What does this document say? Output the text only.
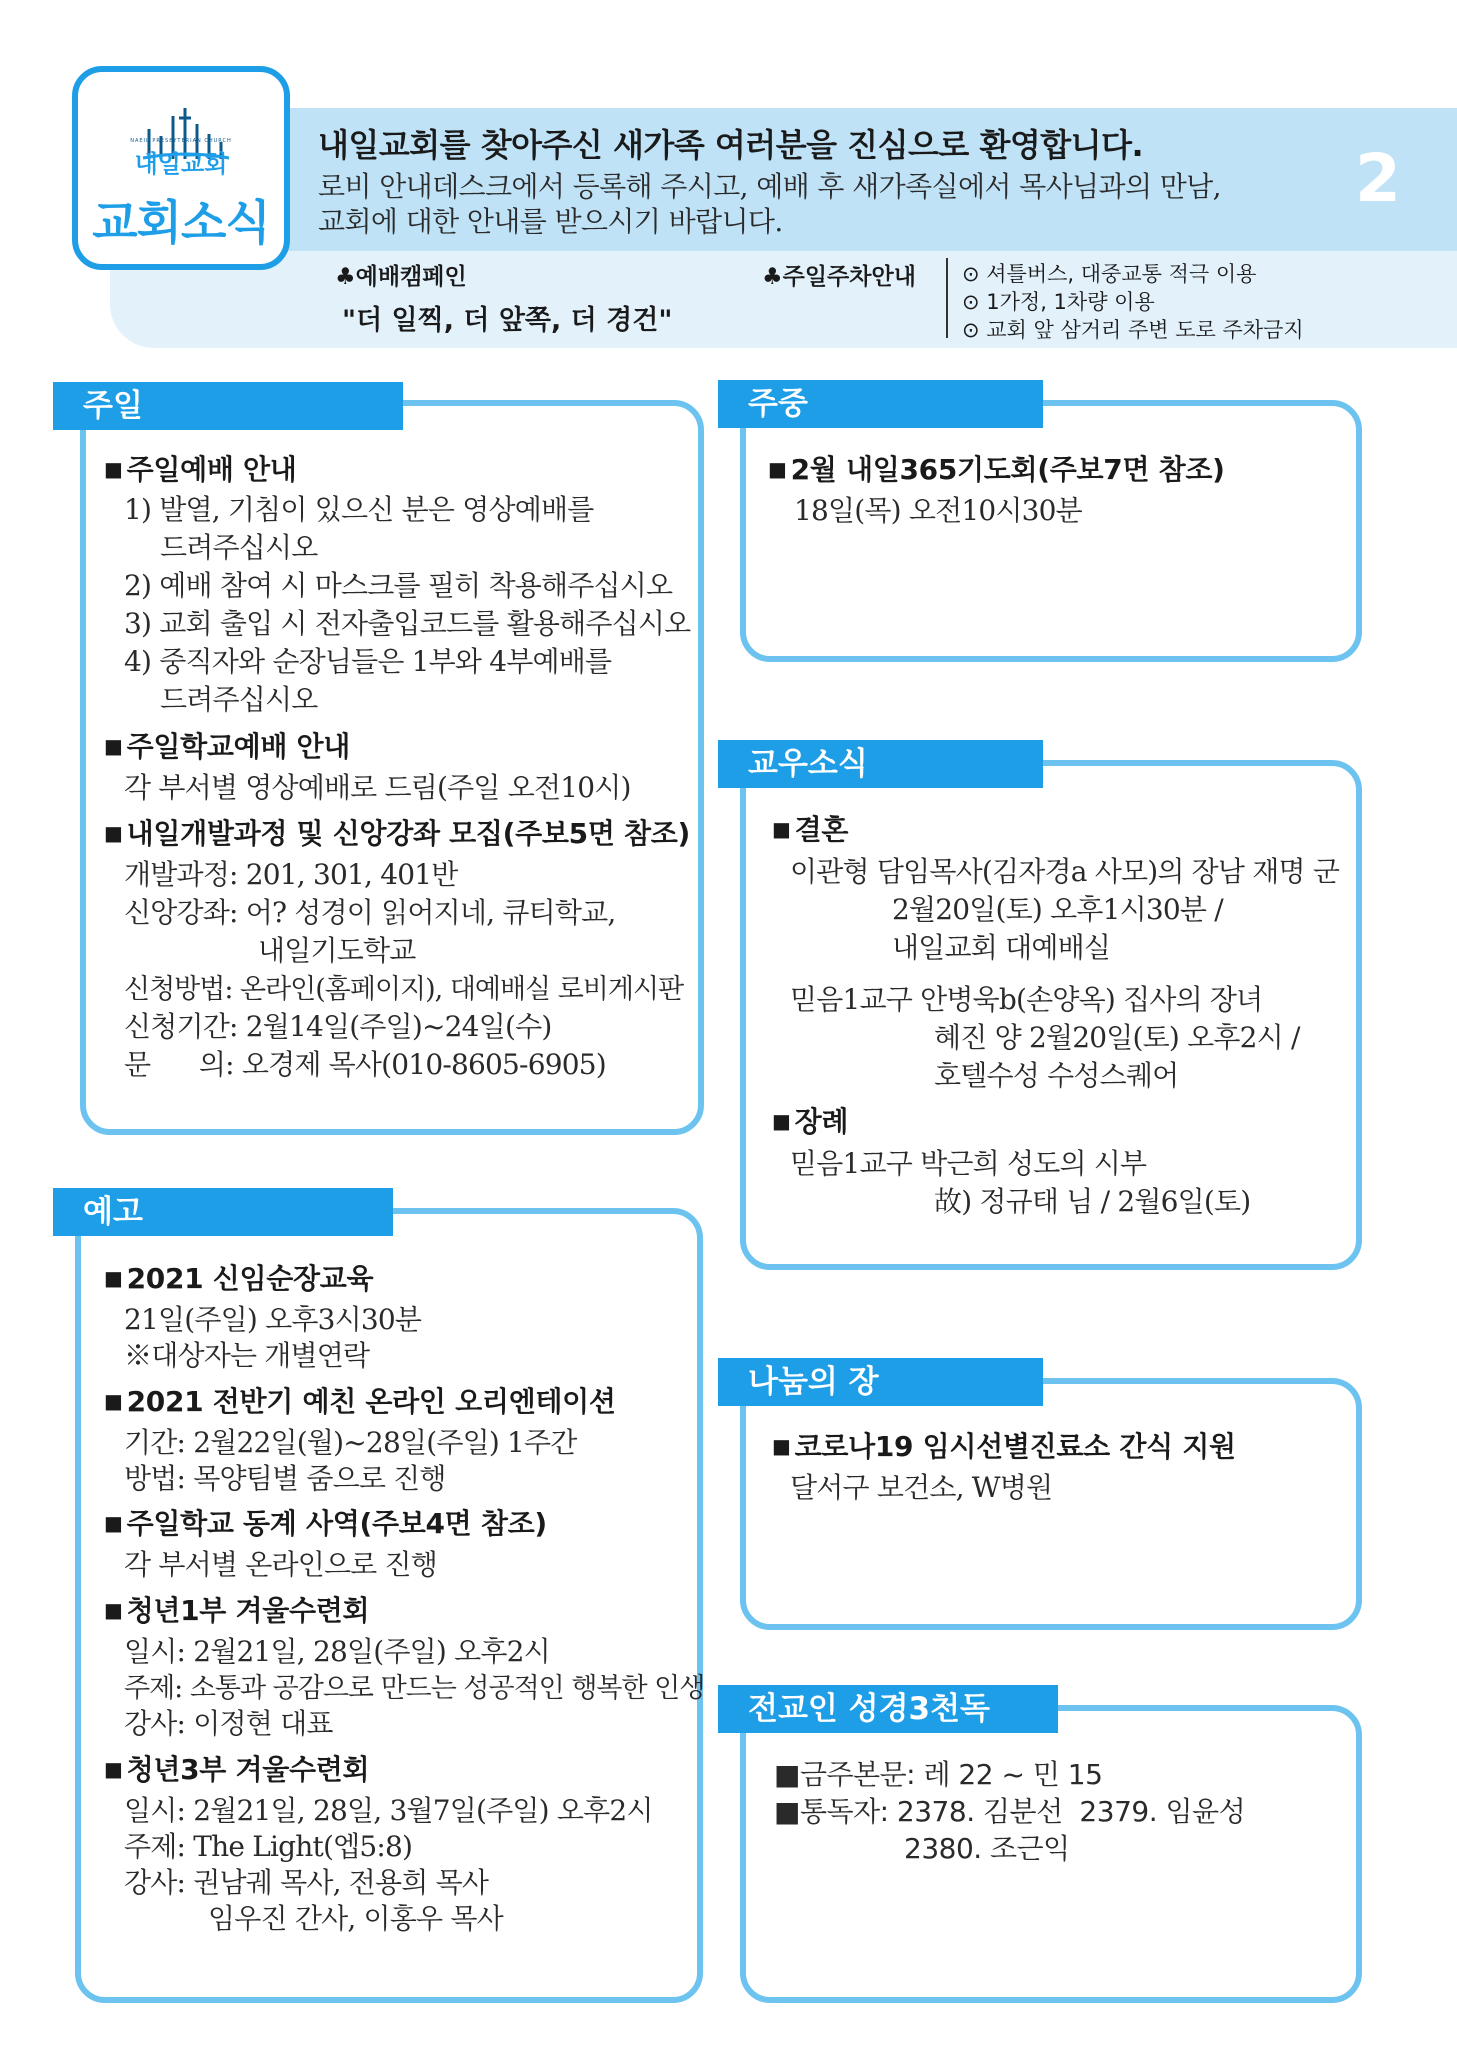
NAEIL PRESBYTERIAN CHURCH
내일교회
교회소식
내일교회를 찾아주신 새가족 여러분을 진심으로 환영합니다.
로비 안내데스크에서 등록해 주시고, 예배 후 새가족실에서 목사님과의 만남,
교회에 대한 안내를 받으시기 바랍니다.
2
♣예배캠페인
"더 일찍, 더 앞쪽, 더 경건"
♣주일주차안내 ⊙ 셔틀버스, 대중교통 적극 이용
⊙ 1가정, 1차량 이용
⊙ 교회 앞 삼거리 주변 도로 주차금지
주일
■ 주일예배 안내
1) 발열, 기침이 있으신 분은 영상예배를
드려주십시오
2) 예배 참여 시 마스크를 필히 착용해주십시오
3) 교회 출입 시 전자출입코드를 활용해주십시오
4) 중직자와 순장님들은 1부와 4부예배를
드려주십시오
■ 주일학교예배 안내
각 부서별 영상예배로 드림(주일 오전10시)
■ 내일개발과정 및 신앙강좌 모집(주보5면 참조)
개발과정: 201, 301, 401반
신앙강좌: 어? 성경이 읽어지네, 큐티학교,
내일기도학교
신청방법: 온라인(홈페이지), 대예배실 로비게시판
신청기간: 2월14일(주일)~24일(수)
문      의: 오경제 목사(010-8605-6905)
주중
■ 2월 내일365기도회(주보7면 참조)
18일(목) 오전10시30분
교우소식
■ 결혼
이관형 담임목사(김자경a 사모)의 장남 재명 군
2월20일(토) 오후1시30분 /
내일교회 대예배실
믿음1교구 안병욱b(손양옥) 집사의 장녀
혜진 양 2월20일(토) 오후2시 /
호텔수성 수성스퀘어
■ 장례
믿음1교구 박근희 성도의 시부
故) 정규태 님 / 2월6일(토)
예고
■ 2021 신임순장교육
21일(주일) 오후3시30분
※대상자는 개별연락
■ 2021 전반기 예친 온라인 오리엔테이션
기간: 2월22일(월)~28일(주일) 1주간
방법: 목양팀별 줌으로 진행
■ 주일학교 동계 사역(주보4면 참조)
각 부서별 온라인으로 진행
■ 청년1부 겨울수련회
일시: 2월21일, 28일(주일) 오후2시
주제: 소통과 공감으로 만드는 성공적인 행복한 인생
강사: 이정현 대표
■ 청년3부 겨울수련회
일시: 2월21일, 28일, 3월7일(주일) 오후2시
주제: The Light(엡5:8)
강사: 권남궤 목사, 전용희 목사
임우진 간사, 이홍우 목사
나눔의 장
■ 코로나19 임시선별진료소 간식 지원
달서구 보건소, W병원
전교인 성경3천독
■금주본문: 레 22 ~ 민 15
■통독자: 2378. 김분선  2379. 임윤성
2380. 조근익
